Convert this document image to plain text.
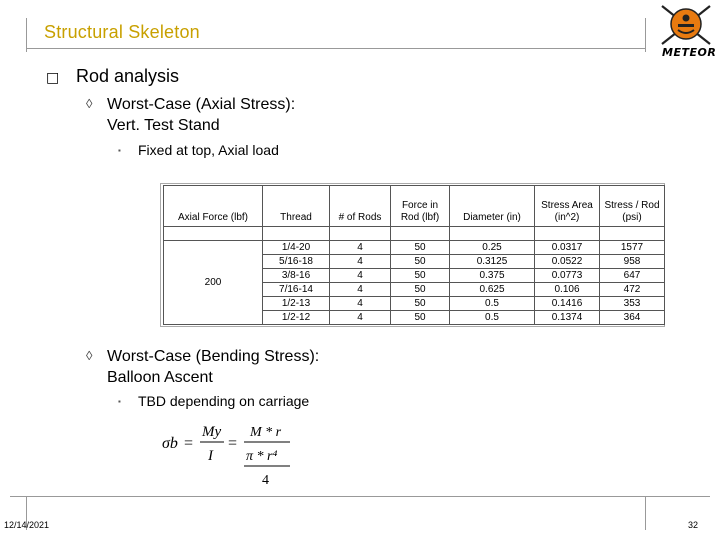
Structural Skeleton
METEOR
□ Rod analysis
◊ Worst-Case (Axial Stress):
Vert. Test Stand
▪ Fixed at top, Axial load
Axial Force (lbf)	Thread	# of Rods	Force in Rod (lbf)	Diameter (in)	Stress Area (in^2)	Stress / Rod (psi)

200	1/4-20	4	50	0.25	0.0317	1577
	5/16-18	4	50	0.3125	0.0522	958
	3/8-16	4	50	0.375	0.0773	647
	7/16-14	4	50	0.625	0.106	472
	1/2-13	4	50	0.5	0.1416	353
	1/2-12	4	50	0.5	0.1374	364
◊ Worst-Case (Bending Stress):
Balloon Ascent
▪ TBD depending on carriage
σb =
My
I
=
M * r
π * r⁴
4
12/14/2021	32
